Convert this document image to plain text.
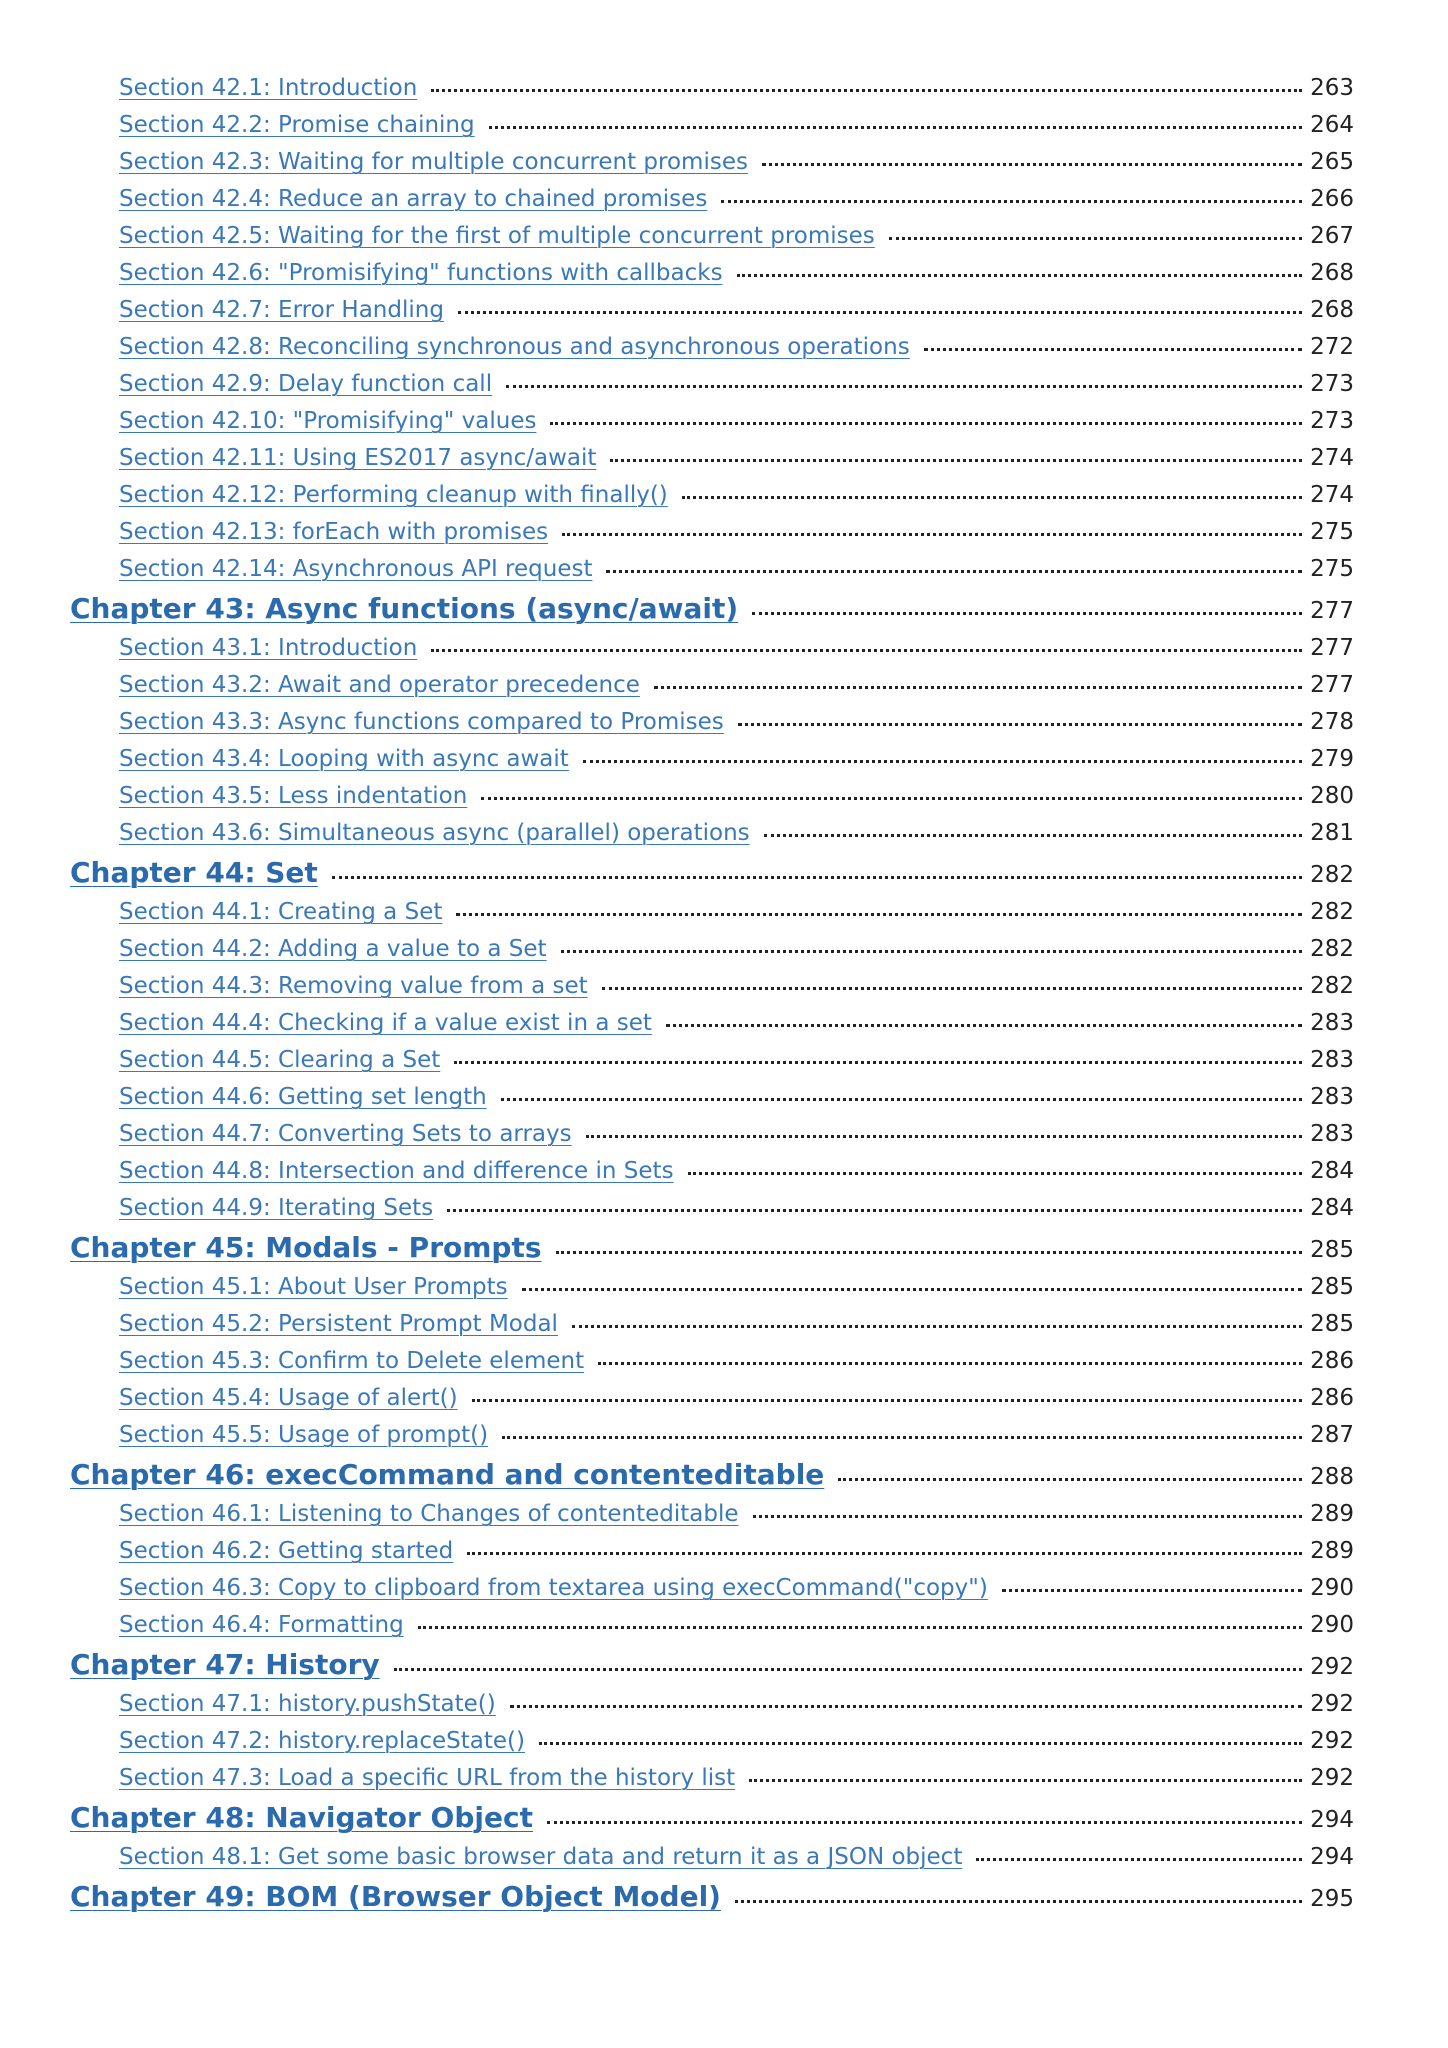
Section 42.1: Introduction	263
Section 42.2: Promise chaining	264
Section 42.3: Waiting for multiple concurrent promises	265
Section 42.4: Reduce an array to chained promises	266
Section 42.5: Waiting for the first of multiple concurrent promises	267
Section 42.6: "Promisifying" functions with callbacks	268
Section 42.7: Error Handling	268
Section 42.8: Reconciling synchronous and asynchronous operations	272
Section 42.9: Delay function call	273
Section 42.10: "Promisifying" values	273
Section 42.11: Using ES2017 async/await	274
Section 42.12: Performing cleanup with finally()	274
Section 42.13: forEach with promises	275
Section 42.14: Asynchronous API request	275
Chapter 43: Async functions (async/await)	277
Section 43.1: Introduction	277
Section 43.2: Await and operator precedence	277
Section 43.3: Async functions compared to Promises	278
Section 43.4: Looping with async await	279
Section 43.5: Less indentation	280
Section 43.6: Simultaneous async (parallel) operations	281
Chapter 44: Set	282
Section 44.1: Creating a Set	282
Section 44.2: Adding a value to a Set	282
Section 44.3: Removing value from a set	282
Section 44.4: Checking if a value exist in a set	283
Section 44.5: Clearing a Set	283
Section 44.6: Getting set length	283
Section 44.7: Converting Sets to arrays	283
Section 44.8: Intersection and difference in Sets	284
Section 44.9: Iterating Sets	284
Chapter 45: Modals - Prompts	285
Section 45.1: About User Prompts	285
Section 45.2: Persistent Prompt Modal	285
Section 45.3: Confirm to Delete element	286
Section 45.4: Usage of alert()	286
Section 45.5: Usage of prompt()	287
Chapter 46: execCommand and contenteditable	288
Section 46.1: Listening to Changes of contenteditable	289
Section 46.2: Getting started	289
Section 46.3: Copy to clipboard from textarea using execCommand("copy")	290
Section 46.4: Formatting	290
Chapter 47: History	292
Section 47.1: history.pushState()	292
Section 47.2: history.replaceState()	292
Section 47.3: Load a specific URL from the history list	292
Chapter 48: Navigator Object	294
Section 48.1: Get some basic browser data and return it as a JSON object	294
Chapter 49: BOM (Browser Object Model)	295
